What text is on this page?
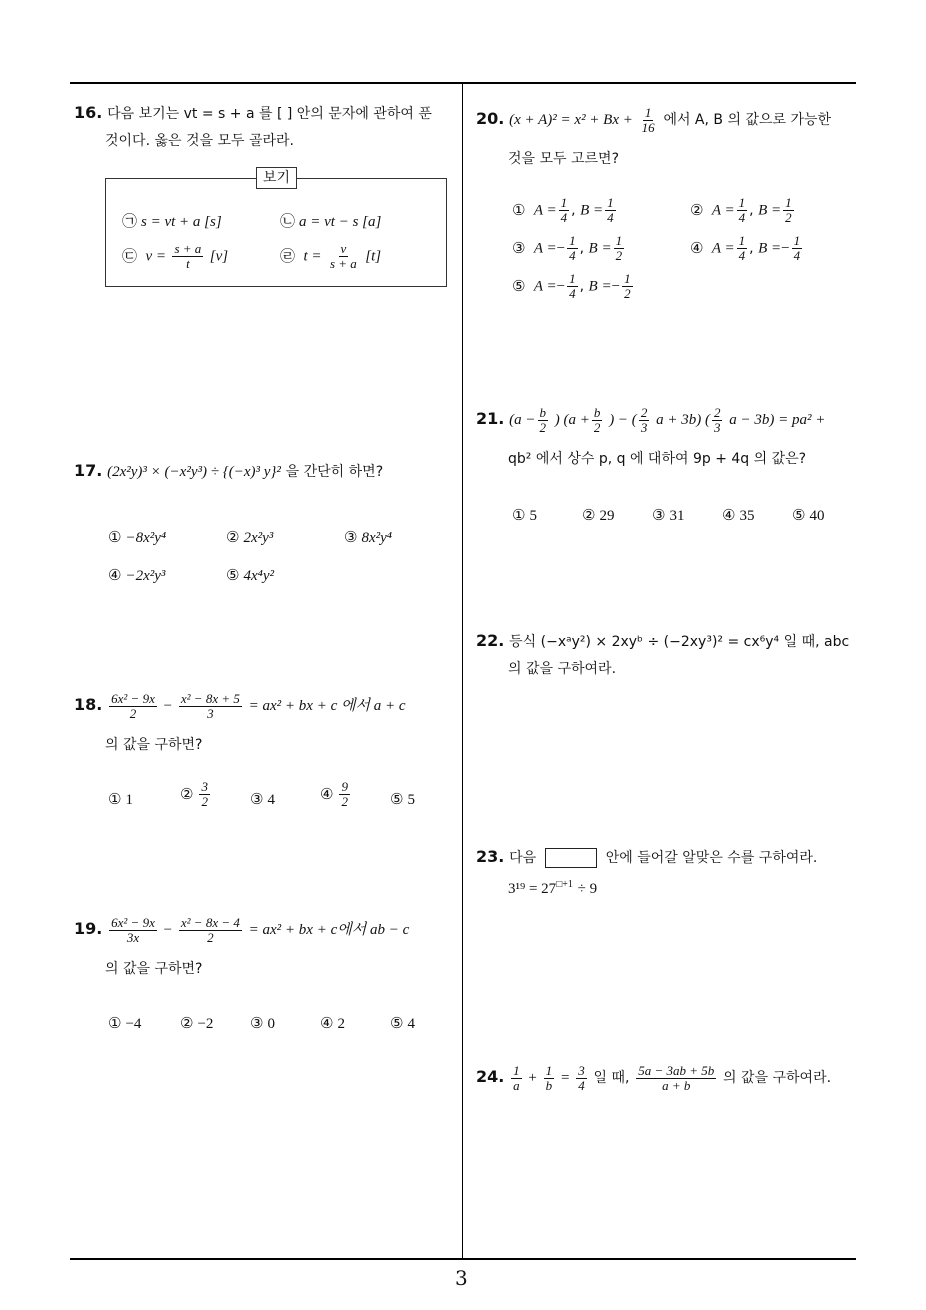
16. 다음 보기는 vt = s + a 를 [ ] 안의 문자에 관하여 푼
것이다. 옳은 것을 모두 골라라.
보기
㉠ s = vt + a [s]	㉡ a = vt − s [a]
㉢ $v = \frac{s + a}{t} [v]$	㉣ $t = \frac{v}{s + a} [t]$
17. (2x²y)³ × (−x²y³) ÷ {(−x)³ y}² 을 간단히 하면?
① −8x²y⁴	② 2x²y³	③ 8x²y⁴
④ −2x²y³	⑤ 4x⁴y²
18. $\frac{\text{6x² − 9x}}{2} - \frac{\text{x² − 8x + 5}}{3} = ax^2$ + bx + c 에서 a + c
의 값을 구하면?
① 1	② $\frac{3}{2}$	③ 4	④ $\frac{9}{2}$	⑤ 5
19. $\frac{\text{6x² − 9x}}{3x} - \frac{\text{x² − 8x − 4}}{2} = ax^2$ + bx + c에서 ab − c
의 값을 구하면?
① −4	② −2 ③ 0	④ 2	⑤ 4
20. $(x + A)^2 = x^2 + Bx + \frac{1}{16}$ 에서 A, B 의 값으로 가능한
것을 모두 고르면?
① $A = \frac{1}{4}$ , $B = \frac{1}{4}$	② $A = \frac{1}{4}$ , $B = \frac{1}{2}$
③ $A =- \frac{1}{4}$ , $B = \frac{1}{2}$	④ $A = \frac{1}{4}$ , $B =- \frac{1}{4}$
⑤ $A =- \frac{1}{4}$ , $B =- \frac{1}{2}$
21. ($a - \frac{b}{2}$ ) ($a + \frac{b}{2}$ ) − ( $\frac{2}{3}$ a + 3b) ( $\frac{2}{3}$ a − 3b) = pa² +
qb² 에서 상수 p, q 에 대하여 9p + 4q 의 값은?
① 5	② 29	③ 31	④ 35	⑤ 40
22. 등식 (−xᵃy²) × 2xyᵇ ÷ (−2xy³)² = cx⁶y⁴ 일 때, abc
의 값을 구하여라.
23. 다음	안에 들어갈 알맞은 수를 구하여라.
$3^{19} = 27^{□+1} \div 9$
24. $\frac{1}{a} + \frac{1}{b} = \frac{3}{4}$ 일 때, $\frac{5a - 3ab + 5b}{a + b}$ 의 값을 구하여라.
3
